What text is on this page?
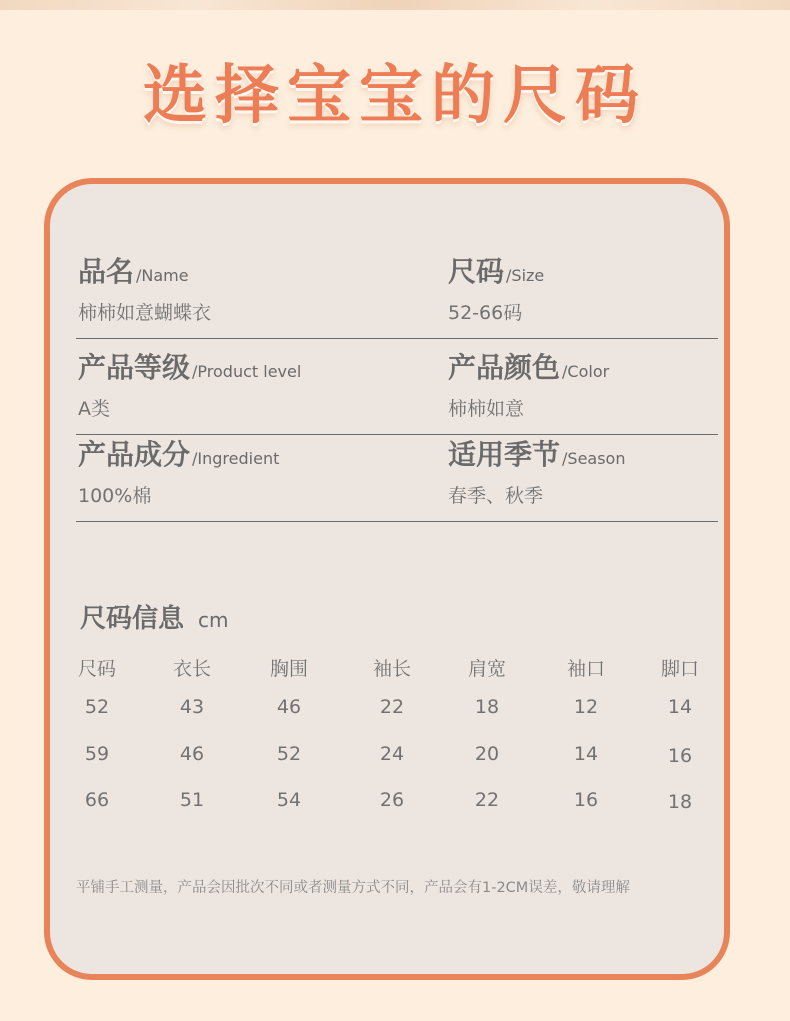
选择宝宝的尺码
品名 /Name
柿柿如意蝴蝶衣
尺码 /Size
52-66码
产品等级 /Product level
A类
产品颜色 /Color
柿柿如意
产品成分 /Ingredient
100%棉
适用季节 /Season
春季、秋季
尺码信息 cm
尺码	衣长	胸围	袖长	肩宽	袖口	脚口
52	43	46	22	18	12	14
59	46	52	24	20	14	16
66	51	54	26	22	16	18
平铺手工测量，产品会因批次不同或者测量方式不同，产品会有1-2CM误差，敬请理解
